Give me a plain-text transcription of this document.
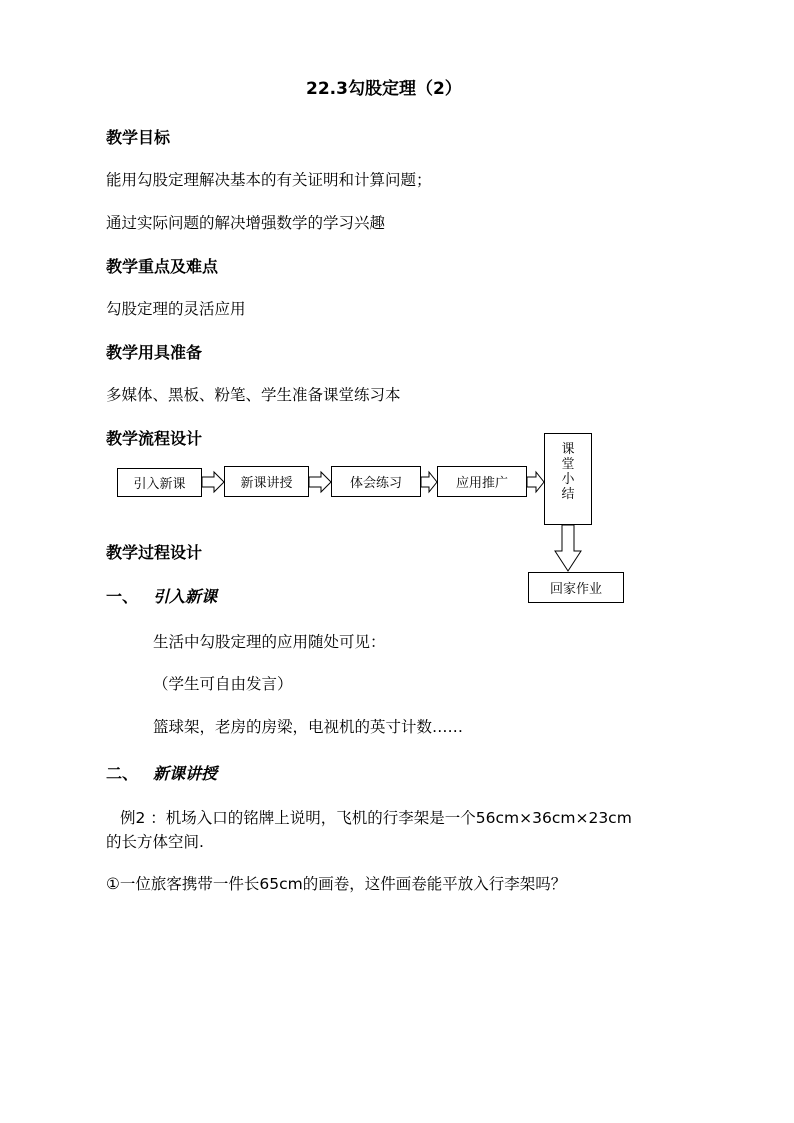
22.3勾股定理（2）
教学目标
能用勾股定理解决基本的有关证明和计算问题；
通过实际问题的解决增强数学的学习兴趣
教学重点及难点
勾股定理的灵活应用
教学用具准备
多媒体、黑板、粉笔、学生准备课堂练习本
教学流程设计
引入新课	新课讲授	体会练习	应用推广
课
堂
小
结
回家作业
教学过程设计
一、 引入新课
生活中勾股定理的应用随处可见：
（学生可自由发言）
篮球架，老房的房梁，电视机的英寸计数……
二、 新课讲授
例2 ：机场入口的铭牌上说明，飞机的行李架是一个56cm×36cm×23cm
的长方体空间.
①一位旅客携带一件长65cm的画卷，这件画卷能平放入行李架吗？
